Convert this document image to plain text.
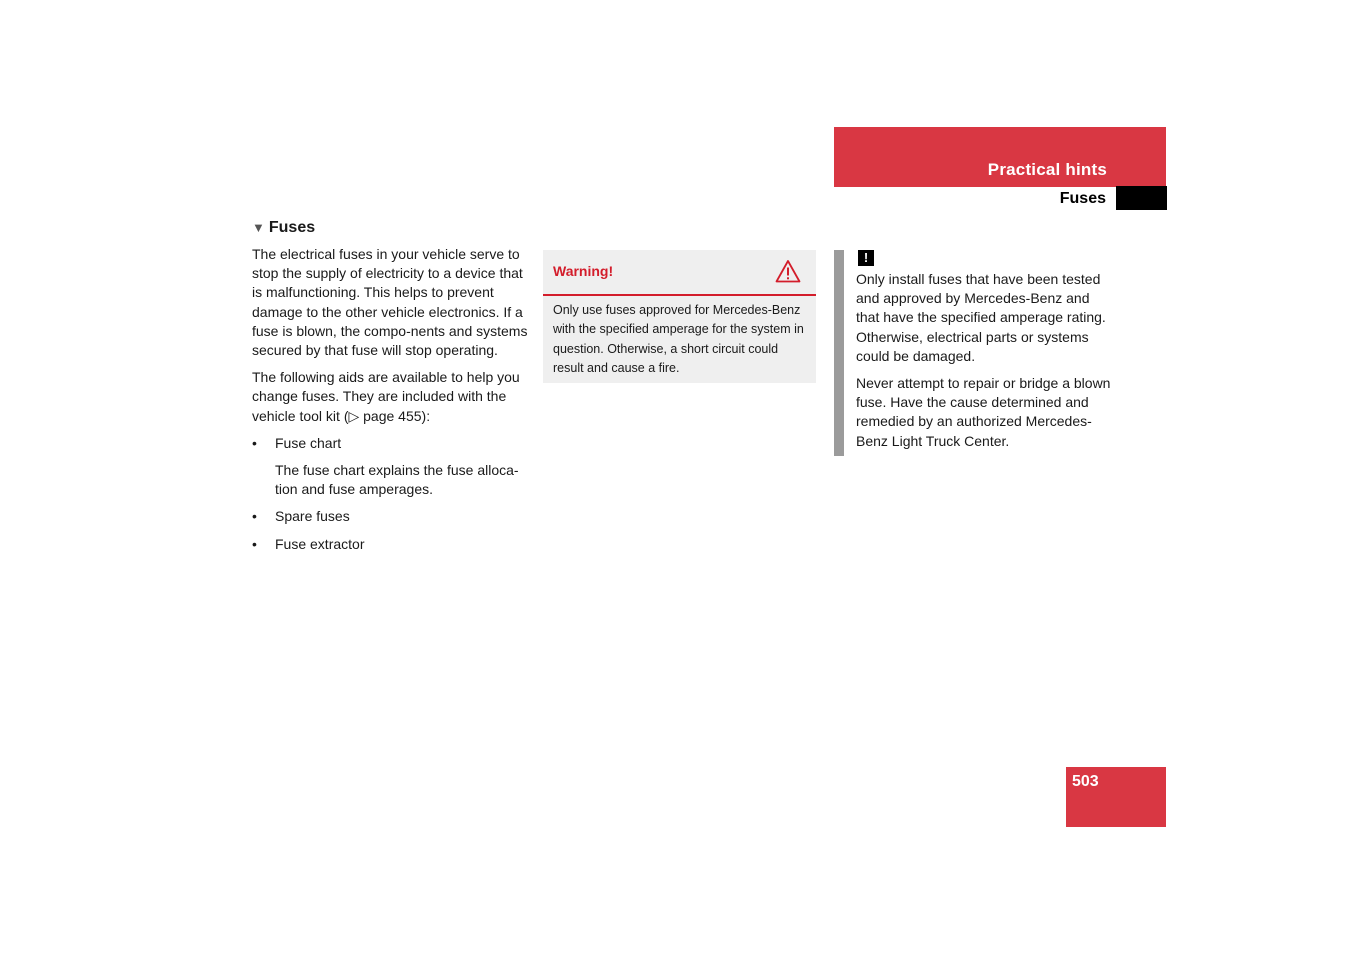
Practical hints
Fuses
▼ Fuses

The electrical fuses in your vehicle serve to stop the supply of electricity to a device that is malfunctioning. This helps to prevent damage to the other vehicle electronics. If a fuse is blown, the compo-nents and systems secured by that fuse will stop operating.

The following aids are available to help you change fuses. They are included with the vehicle tool kit (▷ page 455):

• Fuse chart
The fuse chart explains the fuse alloca-tion and fuse amperages.
• Spare fuses
• Fuse extractor
Warning!
Only use fuses approved for Mercedes-Benz with the specified amperage for the system in question. Otherwise, a short circuit could result and cause a fire.
!

Only install fuses that have been tested and approved by Mercedes-Benz and that have the specified amperage rating. Otherwise, electrical parts or systems could be damaged.

Never attempt to repair or bridge a blown fuse. Have the cause determined and remedied by an authorized Mercedes-Benz Light Truck Center.

503
